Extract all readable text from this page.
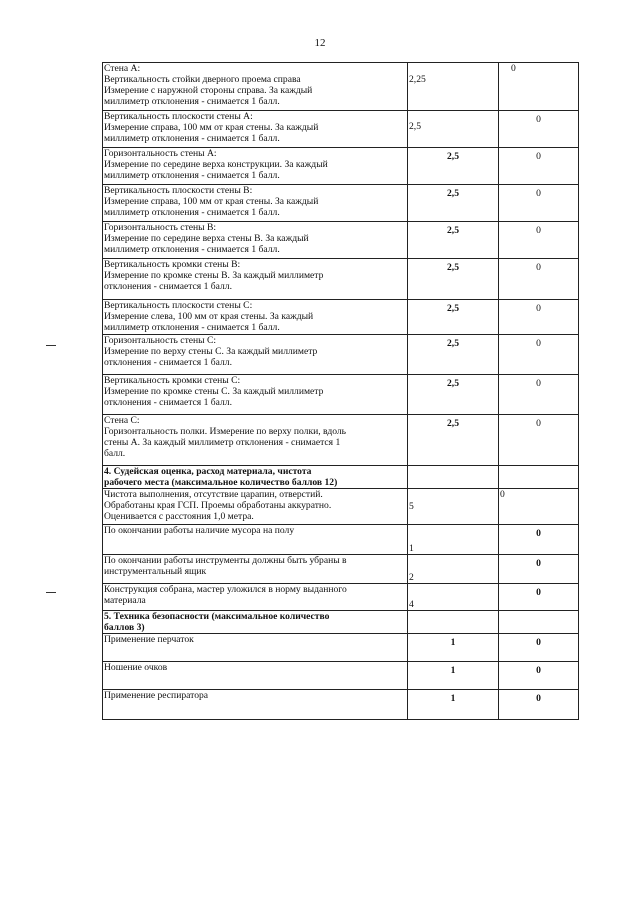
12
Стена А:
Вертикальность стойки дверного проема справа
Измерение с наружной стороны справа. За каждый
миллиметр отклонения - снимается 1 балл.	2,25	0

Вертикальность плоскости стены А:
Измерение справа, 100 мм от края стены. За каждый
миллиметр отклонения - снимается 1 балл.	2,5	0

Горизонтальность стены А:
Измерение по середине верха конструкции. За каждый
миллиметр отклонения - снимается 1 балл.	2,5	0

Вертикальность плоскости стены В:
Измерение справа, 100 мм от края стены. За каждый
миллиметр отклонения - снимается 1 балл.	2,5	0

Горизонтальность стены В:
Измерение по середине верха стены В. За каждый
миллиметр отклонения - снимается 1 балл.	2,5	0

Вертикальность кромки стены В:
Измерение по кромке стены В. За каждый миллиметр
отклонения - снимается 1 балл.	2,5	0

Вертикальность плоскости стены С:
Измерение слева, 100 мм от края стены. За каждый
миллиметр отклонения - снимается 1 балл.	2,5	0

Горизонтальность стены С:
Измерение по верху стены С. За каждый миллиметр
отклонения - снимается 1 балл.	2,5	0

Вертикальность кромки стены С:
Измерение по кромке стены С. За каждый миллиметр
отклонения - снимается 1 балл.	2,5	0

Стена С:
Горизонтальность полки. Измерение по верху полки, вдоль
стены А. За каждый миллиметр отклонения - снимается 1
балл.	2,5	0

4. Судейская оценка, расход материала, чистота
рабочего места (максимальное количество баллов 12)		

Чистота выполнения, отсутствие царапин, отверстий.
Обработаны края ГСП. Проемы обработаны аккуратно.
Оценивается с расстояния 1,0 метра.	5	0

По окончании работы наличие мусора на полу	1	0

По окончании работы инструменты должны быть убраны в
инструментальный ящик	2	0

Конструкция собрана, мастер уложился в норму выданного
материала	4	0

5. Техника безопасности (максимальное количество
баллов 3)		

Применение перчаток	1	0

Ношение очков	1	0

Применение респиратора	1	0
